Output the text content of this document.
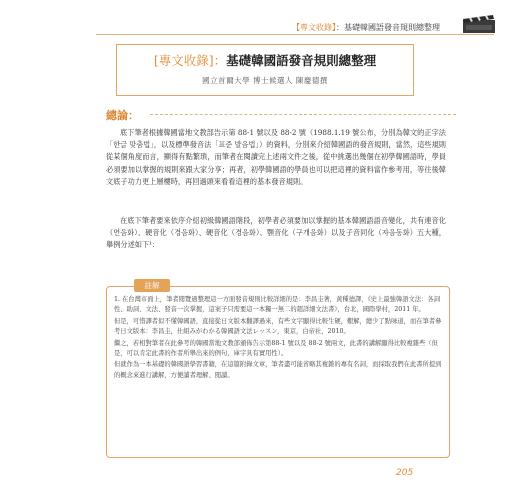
【專文收錄】：基礎韓國語發音規則總整理
[專文收錄]：基礎韓國語發音規則總整理
國立首爾大學 博士候選人 陳慶德撰
總論：

底下筆者根據韓國當地文教部告示第 88-1 號以及 88-2 號（1988.1.19 號公布，分別為韓文的正字法「한글 맞춤법」，以及標準發音法「표준 발음법」）的資料，分別來介紹韓國語的發音規則，當然，這些規則從某個角度而言，顯得有點繁瑣，而筆者在閱讀完上述兩文件之後，從中挑選出幾個在初學韓國語時，學員必須要加以掌握的規則來跟大家分享；再者，初學韓國語的學員也可以把這裡的資料當作參考用，等往後韓文底子功力更上層樓時，再回過頭來看看這裡的基本發音規則。

在底下筆者要來依序介紹初級韓國語階段，初學者必須要加以掌握的基本韓國語語音變化，共有連音化（연음화）、硬音化（경음화）、硬音化（경음화）、顎音化（구개음화）以及子音同化（자음동화）五大種，舉例分述如下¹：

註解
1. 在台灣市面上，筆者閱覽過整理這一方面發音規則比較詳細的是：李昌圭著，黃種德譯，《史上最強韓語文法：各詞性、助詞、文法、發音一次掌握，這案子只需要這一本獨一無二的超詳細文法書》，台北，國際學村，2011 年。
但是，可惜譯者似不懂韓國語，直接從日文版本翻譯過來，有些文字顯得比較生硬，艱解，總少了點味道，而在筆者參考日文版本：李昌圭，仕組みがわかる韓國語文法レッスン，東京，白帝社，2010。
繼之，若相對筆者在此參考的韓國當地文教部頒佈告示第88-1 號以及 88-2 號兩文，此書的講解顯得比較複雜些（但是，可以肯定此書的作者所舉出來的例句，庫字具有實用性）。
但就作為一本基礎的韓國語學習書籍，在這篇附錄文章，筆者盡可能省略其複雜的專有名詞，而採取我們在此書所提到的概念來進行講解，方便讀者理解、閱讀。
205
